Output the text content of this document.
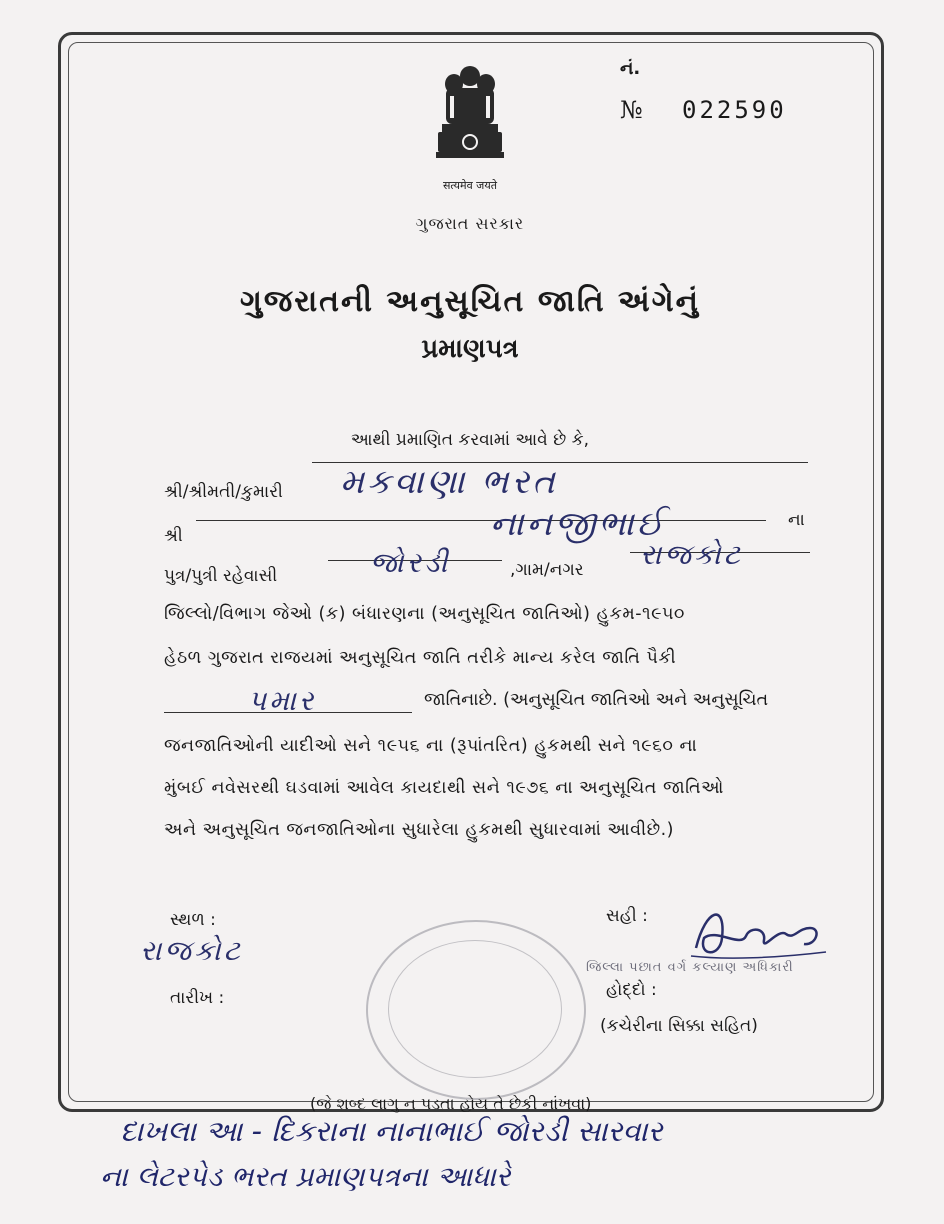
सत्यमेव जयते
ગુજરાત સરકાર
નં.
№ 022590
ગુજરાતની અનુસૂચિત જાતિ અંગેનું
પ્રમાણપત્ર
આથી પ્રમાણિત કરવામાં આવે છે કે,
શ્રી/શ્રીમતી/કુમારી મકવાણા ભરત
શ્રી	નાનજીભાઈ	ના
પુત્ર/પુત્રી રહેવાસી	જોરડી	,ગામ/નગર રાજકોટ
જિલ્લો/વિભાગ જેઓ (ક) બંધારણના (અનુસૂચિત જાતિઓ) હુકમ-૧૯૫૦
હેઠળ ગુજરાત રાજયમાં અનુસૂચિત જાતિ તરીકે માન્ય કરેલ જાતિ પૈકી
પમાર	જાતિનાછે. (અનુસૂચિત જાતિઓ અને અનુસૂચિત
જનજાતિઓની યાદીઓ સને ૧૯૫૬ ના (રૂપાંતરિત) હુકમથી સને ૧૯૬૦ ના
મુંબઈ નવેસરથી ઘડવામાં આવેલ કાયદાથી સને ૧૯૭૬ ના અનુસૂચિત જાતિઓ
અને અનુસૂચિત જનજાતિઓના સુધારેલા હુકમથી સુધારવામાં આવીછે.)
સ્થળ :
રાજકોટ
તારીખ :
સહી :
જિલ્લા પછાત વર્ગ કલ્યાણ અધિકારી
હોદ્દો :
(કચેરીના સિક્કા સહિત)
(જે શબ્દ લાગુ ન પડતા હોય તે છેકી નાંખવા)
દાખલા આ - દિકરાના નાનાભાઈ જોરડી સારવાર
ના લેટરપેડ ભરત પ્રમાણપત્રના આધારે
